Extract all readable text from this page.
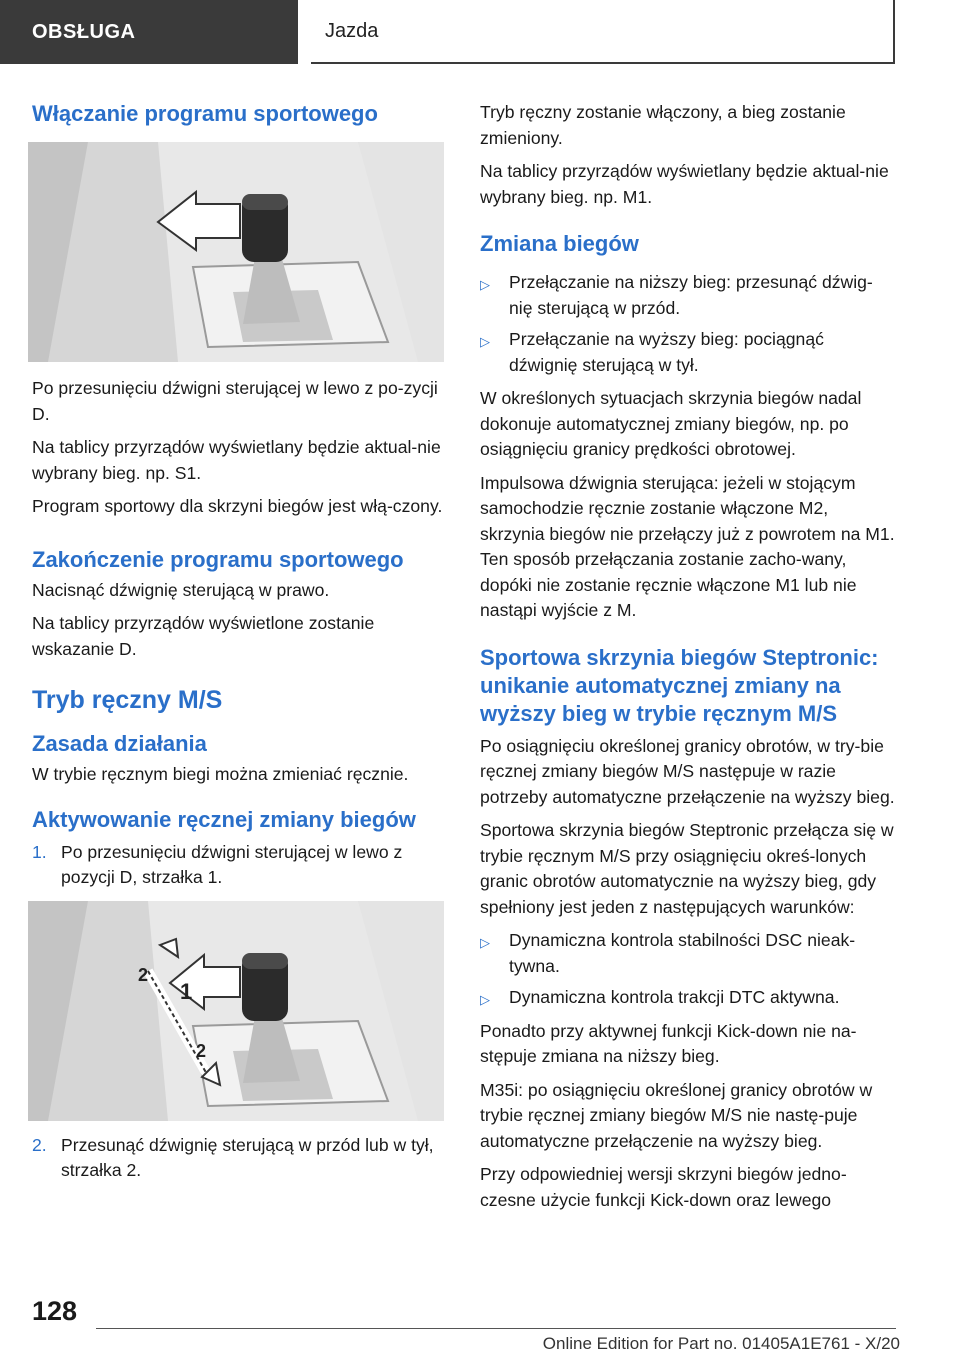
OBSŁUGA	Jazda
Włączanie programu sportowego

Po przesunięciu dźwigni sterującej w lewo z po-zycji D.

Na tablicy przyrządów wyświetlany będzie aktual-nie wybrany bieg. np. S1.

Program sportowy dla skrzyni biegów jest włą-czony.

Zakończenie programu sportowego

Nacisnąć dźwignię sterującą w prawo.

Na tablicy przyrządów wyświetlone zostanie wskazanie D.

Tryb ręczny M/S
Zasada działania

W trybie ręcznym biegi można zmieniać ręcznie.

Aktywowanie ręcznej zmiany biegów
1. Po przesunięciu dźwigni sterującej w lewo z pozycji D, strzałka 1.
1
2
2
2. Przesunąć dźwignię sterującą w przód lub w tył, strzałka 2.

Tryb ręczny zostanie włączony, a bieg zostanie zmieniony.

Na tablicy przyrządów wyświetlany będzie aktual-nie wybrany bieg. np. M1.

Zmiana biegów
▷	Przełączanie na niższy bieg: przesunąć dźwig-nię sterującą w przód.
▷	Przełączanie na wyższy bieg: pociągnąć dźwignię sterującą w tył.

W określonych sytuacjach skrzynia biegów nadal dokonuje automatycznej zmiany biegów, np. po osiągnięciu granicy prędkości obrotowej.

Impulsowa dźwignia sterująca: jeżeli w stojącym samochodzie ręcznie zostanie włączone M2, skrzynia biegów nie przełączy już z powrotem na M1. Ten sposób przełączania zostanie zacho-wany, dopóki nie zostanie ręcznie włączone M1 lub nie nastąpi wyjście z M.

Sportowa skrzynia biegów Steptronic: unikanie automatycznej zmiany na wyższy bieg w trybie ręcznym M/S

Po osiągnięciu określonej granicy obrotów, w try-bie ręcznej zmiany biegów M/S następuje w razie potrzeby automatyczne przełączenie na wyższy bieg.

Sportowa skrzynia biegów Steptronic przełącza się w trybie ręcznym M/S przy osiągnięciu okreś-lonych granic obrotów automatycznie na wyższy bieg, gdy spełniony jest jeden z następujących warunków:

▷	Dynamiczna kontrola stabilności DSC nieak-tywna.
▷	Dynamiczna kontrola trakcji DTC aktywna.

Ponadto przy aktywnej funkcji Kick-down nie na-stępuje zmiana na niższy bieg.

M35i: po osiągnięciu określonej granicy obrotów w trybie ręcznej zmiany biegów M/S nie nastę-puje automatyczne przełączenie na wyższy bieg.

Przy odpowiedniej wersji skrzyni biegów jedno-czesne użycie funkcji Kick-down oraz lewego

128
Online Edition for Part no. 01405A1E761 - X/20
